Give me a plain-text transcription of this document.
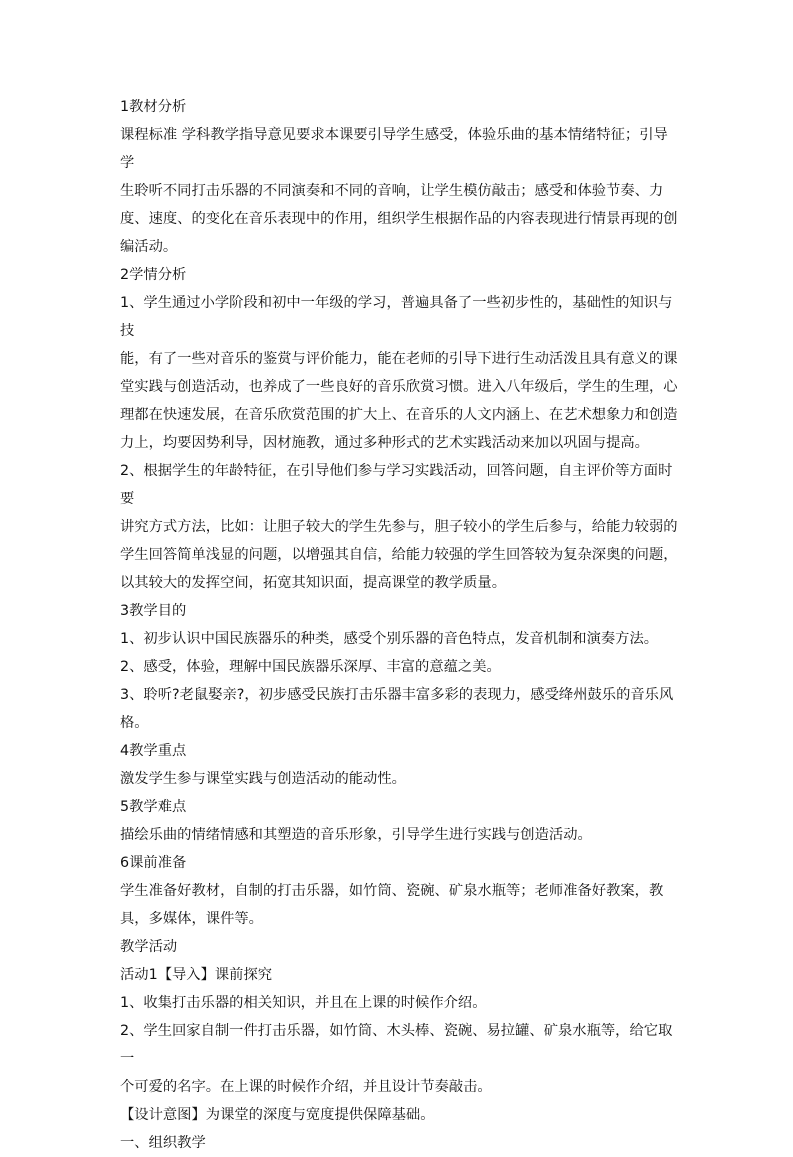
1教材分析

课程标准 学科教学指导意见要求本课要引导学生感受，体验乐曲的基本情绪特征；引导学

生聆听不同打击乐器的不同演奏和不同的音响，让学生模仿敲击；感受和体验节奏、力

度、速度、的变化在音乐表现中的作用，组织学生根据作品的内容表现进行情景再现的创

编活动。

2学情分析

1、学生通过小学阶段和初中一年级的学习，普遍具备了一些初步性的，基础性的知识与技

能，有了一些对音乐的鉴赏与评价能力，能在老师的引导下进行生动活泼且具有意义的课

堂实践与创造活动，也养成了一些良好的音乐欣赏习惯。进入八年级后，学生的生理，心

理都在快速发展，在音乐欣赏范围的扩大上、在音乐的人文内涵上、在艺术想象力和创造

力上，均要因势利导，因材施教，通过多种形式的艺术实践活动来加以巩固与提高。

2、根据学生的年龄特征，在引导他们参与学习实践活动，回答问题，自主评价等方面时要

讲究方式方法，比如：让胆子较大的学生先参与，胆子较小的学生后参与，给能力较弱的

学生回答简单浅显的问题，以增强其自信，给能力较强的学生回答较为复杂深奥的问题，

以其较大的发挥空间，拓宽其知识面，提高课堂的教学质量。

3教学目的

1、初步认识中国民族器乐的种类，感受个别乐器的音色特点，发音机制和演奏方法。

2、感受，体验，理解中国民族器乐深厚、丰富的意蕴之美。

3、聆听?老鼠娶亲?，初步感受民族打击乐器丰富多彩的表现力，感受绛州鼓乐的音乐风

格。

4教学重点

激发学生参与课堂实践与创造活动的能动性。

5教学难点

描绘乐曲的情绪情感和其塑造的音乐形象，引导学生进行实践与创造活动。

6课前准备

学生准备好教材，自制的打击乐器，如竹筒、瓷碗、矿泉水瓶等；老师准备好教案，教

具，多媒体，课件等。

教学活动

活动1【导入】课前探究

1、收集打击乐器的相关知识，并且在上课的时候作介绍。

2、学生回家自制一件打击乐器，如竹筒、木头棒、瓷碗、易拉罐、矿泉水瓶等，给它取一

个可爱的名字。在上课的时候作介绍，并且设计节奏敲击。

【设计意图】为课堂的深度与宽度提供保障基础。

一、组织教学
